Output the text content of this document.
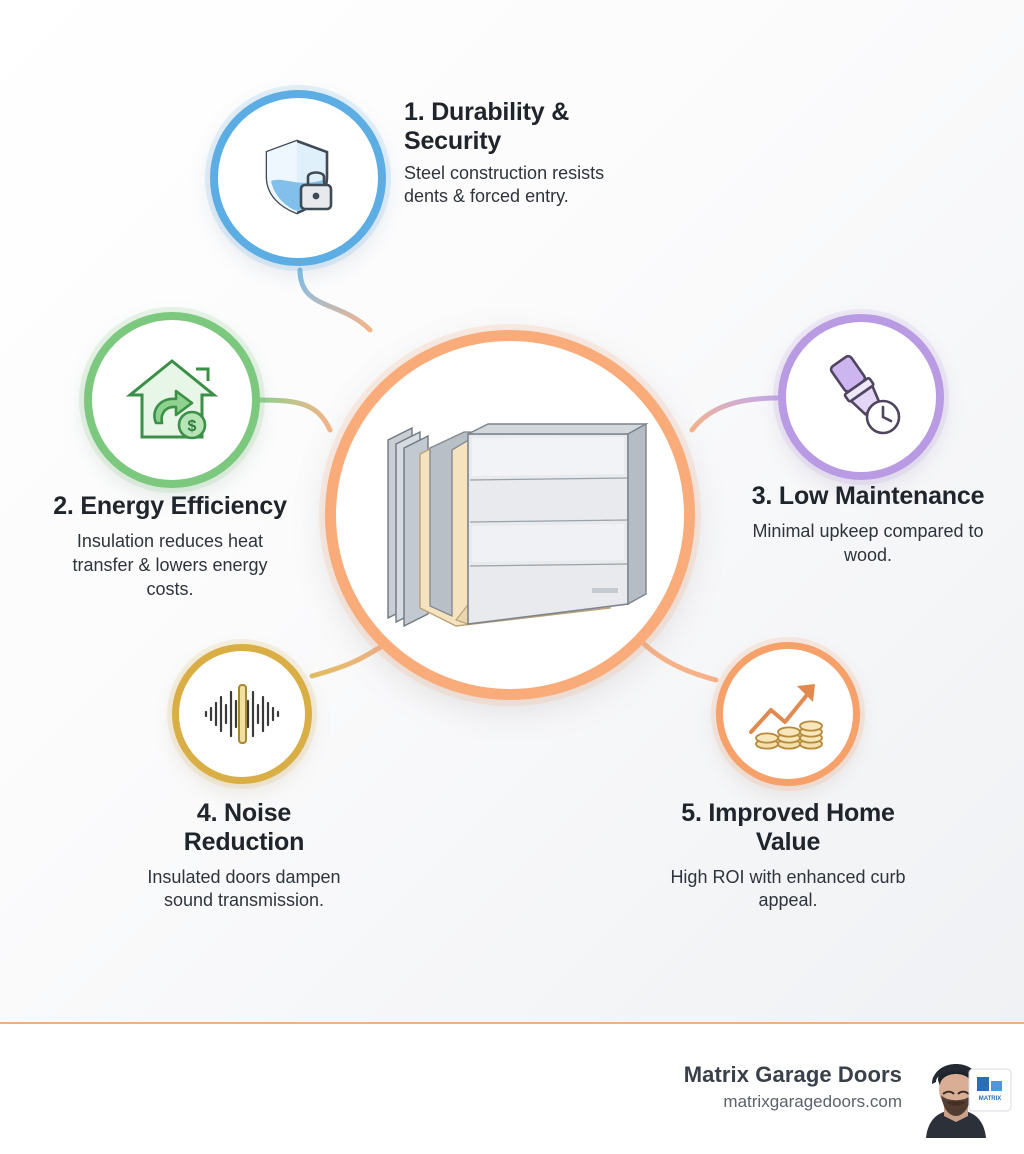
$
1. Durability & Security
Steel construction resists dents & forced entry.
2. Energy Efficiency
Insulation reduces heat transfer & lowers energy costs.
3. Low Maintenance
Minimal upkeep compared to wood.
4. Noise Reduction
Insulated doors dampen sound transmission.
5. Improved Home Value
High ROI with enhanced curb appeal.
Matrix Garage Doors
matrixgaragedoors.com	MATRIX
